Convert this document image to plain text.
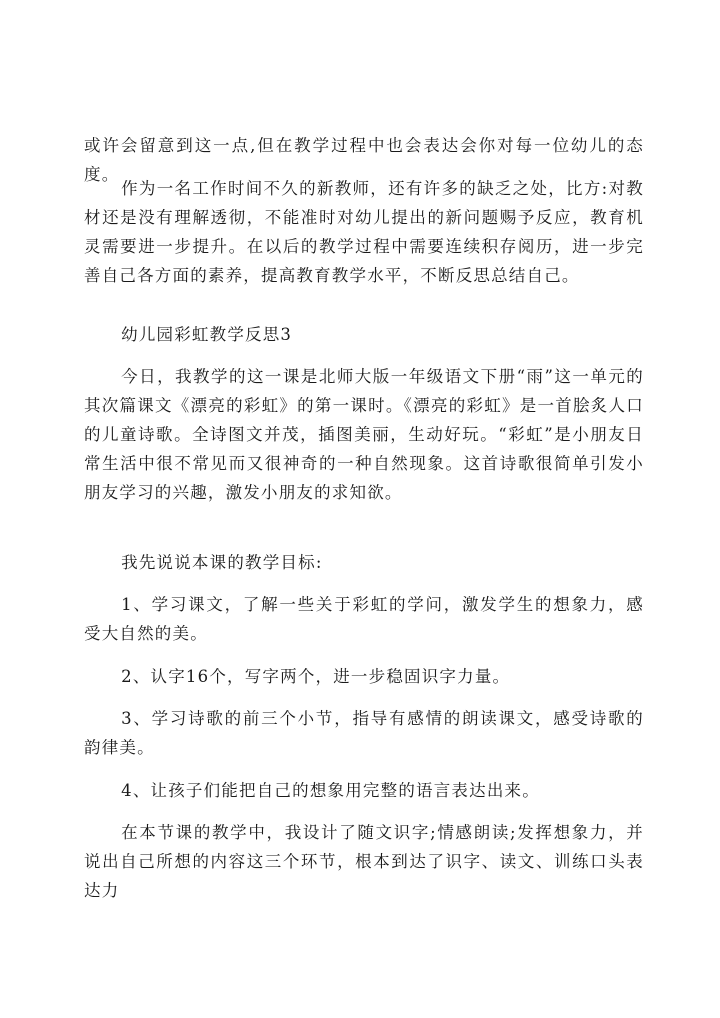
或许会留意到这一点,但在教学过程中也会表达会你对每一位幼儿的态度。

作为一名工作时间不久的新教师，还有许多的缺乏之处，比方:对教材还是没有理解透彻，不能准时对幼儿提出的新问题赐予反应，教育机灵需要进一步提升。在以后的教学过程中需要连续积存阅历，进一步完善自己各方面的素养，提高教育教学水平，不断反思总结自己。

幼儿园彩虹教学反思3

今日，我教学的这一课是北师大版一年级语文下册“雨”这一单元的其次篇课文《漂亮的彩虹》的第一课时。《漂亮的彩虹》是一首脍炙人口的儿童诗歌。全诗图文并茂，插图美丽，生动好玩。“彩虹”是小朋友日常生活中很不常见而又很神奇的一种自然现象。这首诗歌很简单引发小朋友学习的兴趣，激发小朋友的求知欲。

我先说说本课的教学目标:

1、学习课文，了解一些关于彩虹的学问，激发学生的想象力，感受大自然的美。

2、认字16个，写字两个，进一步稳固识字力量。

3、学习诗歌的前三个小节，指导有感情的朗读课文，感受诗歌的韵律美。

4、让孩子们能把自己的想象用完整的语言表达出来。

在本节课的教学中，我设计了随文识字;情感朗读;发挥想象力，并说出自己所想的内容这三个环节，根本到达了识字、读文、训练口头表达力
